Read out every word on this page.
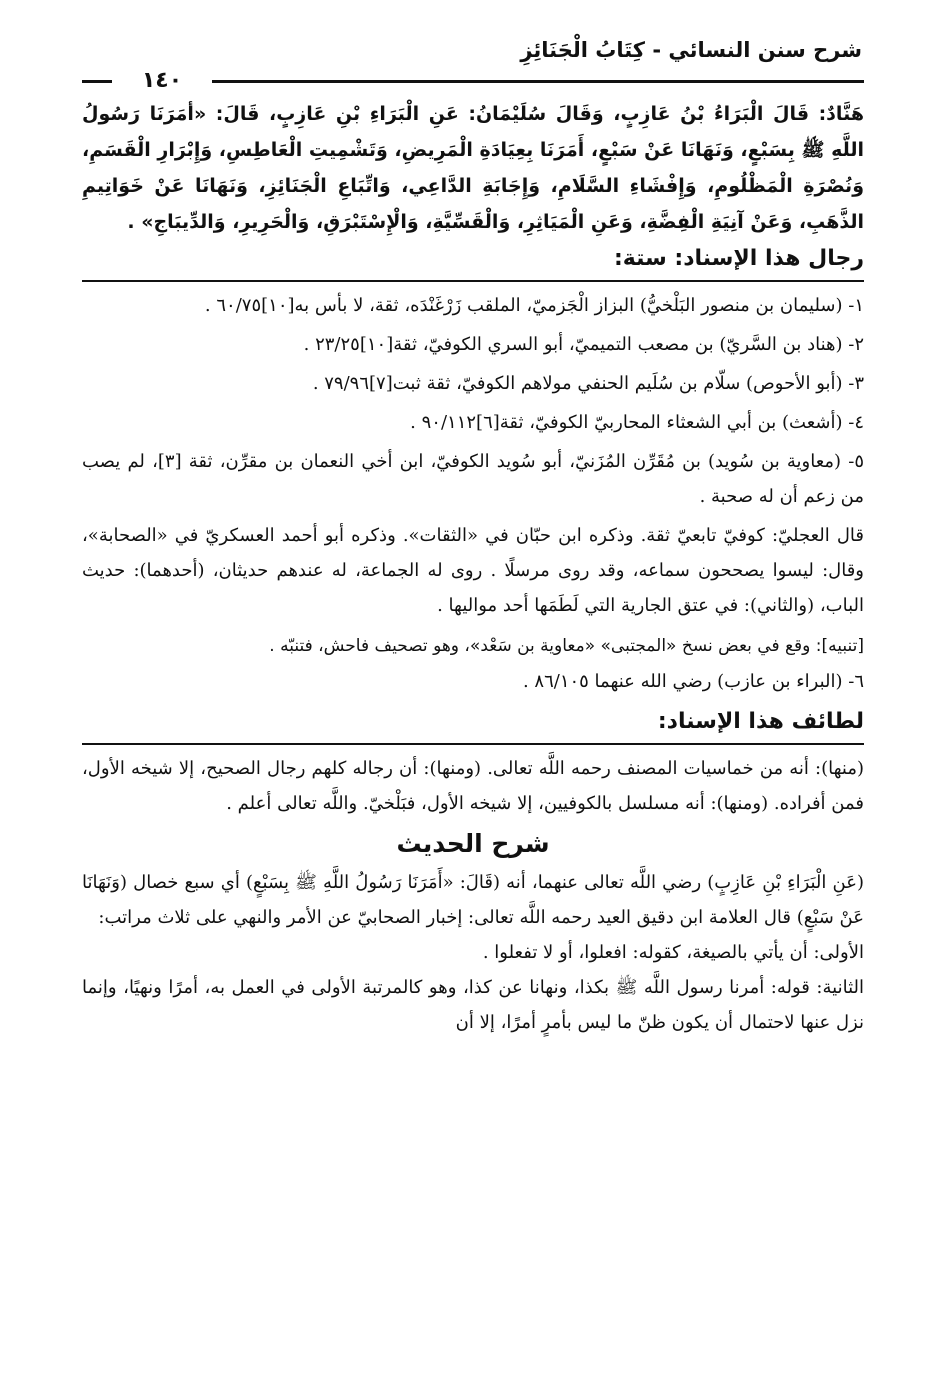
شرح سنن النسائي - كِتَابُ الْجَنَائِزِ
١٤٠

هَنَّادٌ: قَالَ الْبَرَاءُ بْنُ عَازِبٍ، وَقَالَ سُلَيْمَانُ: عَنِ الْبَرَاءِ بْنِ عَازِبٍ، قَالَ: «أَمَرَنَا رَسُولُ اللَّهِ ﷺ بِسَبْعٍ، وَنَهَانَا عَنْ سَبْعٍ، أَمَرَنَا بِعِيَادَةِ الْمَرِيضِ، وَتَشْمِيتِ الْعَاطِسِ، وَإِبْرَارِ الْقَسَمِ، وَنُصْرَةِ الْمَظْلُومِ، وَإِفْشَاءِ السَّلَامِ، وَإِجَابَةِ الدَّاعِي، وَاتِّبَاعِ الْجَنَائِزِ، وَنَهَانَا عَنْ خَوَاتِيمِ الذَّهَبِ، وَعَنْ آنِيَةِ الْفِضَّةِ، وَعَنِ الْمَيَاثِرِ، وَالْقَسِّيَّةِ، وَالْإِسْتَبْرَقِ، وَالْحَرِيرِ، وَالدِّيبَاجِ» .

رجال هذا الإسناد: ستة:

١- (سليمان بن منصور البَلْخيُّ) البزاز الْجَزميّ، الملقب زَرْغَنْدَه، ثقة، لا بأس به[١٠]٦٠/٧٥ .

٢- (هناد بن السَّريّ) بن مصعب التميميّ، أبو السري الكوفيّ، ثقة[١٠]٢٣/٢٥ .

٣- (أبو الأحوص) سلّام بن سُلَيم الحنفي مولاهم الكوفيّ، ثقة ثبت[٧]٧٩/٩٦ .

٤- (أشعث) بن أبي الشعثاء المحاربيّ الكوفيّ، ثقة[٦]٩٠/١١٢ .

٥- (معاوية بن سُويد) بن مُقَرِّن المُزَنيّ، أبو سُويد الكوفيّ، ابن أخي النعمان بن مقرِّن، ثقة [٣]، لم يصب من زعم أن له صحبة .

قال العجليّ: كوفيّ تابعيّ ثقة. وذكره ابن حبّان في «الثقات». وذكره أبو أحمد العسكريّ في «الصحابة»، وقال: ليسوا يصححون سماعه، وقد روى مرسلًا . روى له الجماعة، له عندهم حديثان، (أحدهما): حديث الباب، (والثاني): في عتق الجارية التي لَطَمَها أحد مواليها .

[تنبيه]: وقع في بعض نسخ «المجتبى» «معاوية بن سَعْد»، وهو تصحيف فاحش، فتنبّه .

٦- (البراء بن عازب) رضي الله عنهما ٨٦/١٠٥ .

لطائف هذا الإسناد:

(منها): أنه من خماسيات المصنف رحمه اللَّه تعالى. (ومنها): أن رجاله كلهم رجال الصحيح، إلا شيخه الأول، فمن أفراده. (ومنها): أنه مسلسل بالكوفيين، إلا شيخه الأول، فبَلْخيّ. واللَّه تعالى أعلم .

شرح الحديث

(عَنِ الْبَرَاءِ بْنِ عَازِبٍ) رضي اللَّه تعالى عنهما، أنه (قَالَ: «أَمَرَنَا رَسُولُ اللَّهِ ﷺ بِسَبْعٍ) أي سبع خصال (وَنَهَانَا عَنْ سَبْعٍ) قال العلامة ابن دقيق العيد رحمه اللَّه تعالى: إخبار الصحابيّ عن الأمر والنهي على ثلاث مراتب:

الأولى: أن يأتي بالصيغة، كقوله: افعلوا، أو لا تفعلوا .

الثانية: قوله: أمرنا رسول اللَّه ﷺ بكذا، ونهانا عن كذا، وهو كالمرتبة الأولى في العمل به، أمرًا ونهيًا، وإنما نزل عنها لاحتمال أن يكون ظنّ ما ليس بأمرٍ أمرًا، إلا أن
